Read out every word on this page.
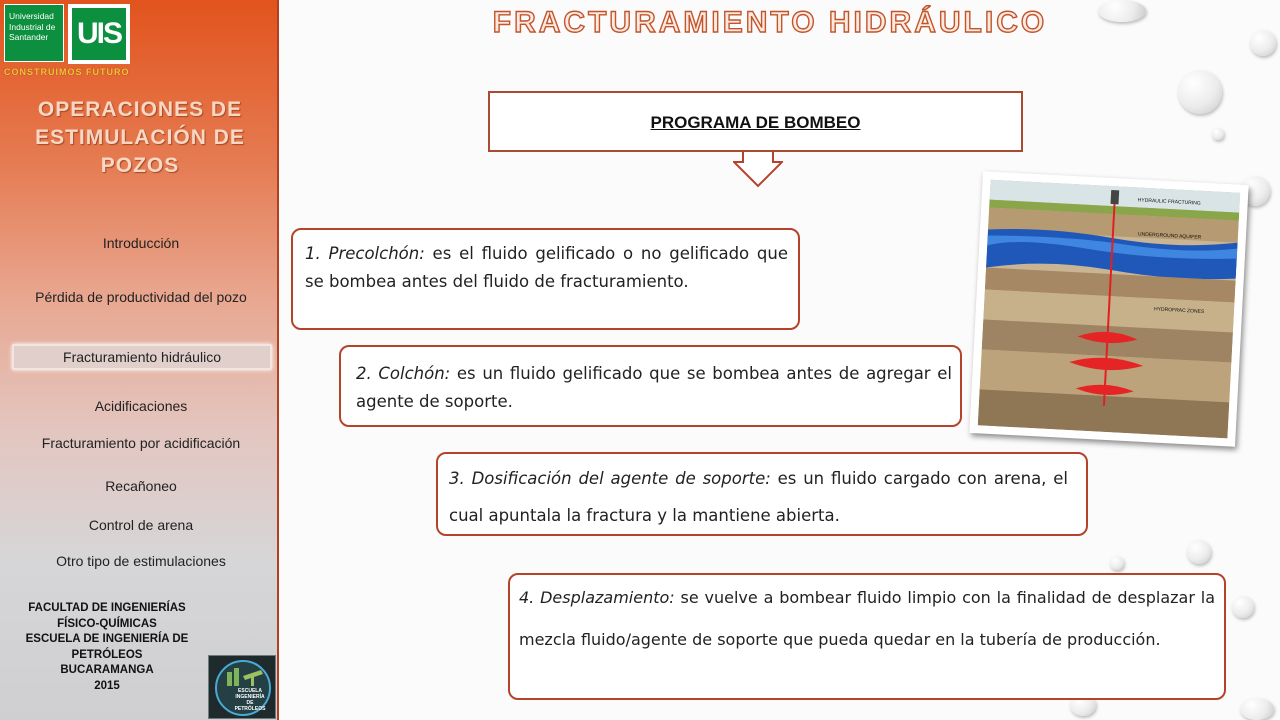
Universidad
Industrial de
Santander UIS
CONSTRUIMOS FUTURO
OPERACIONES DE
ESTIMULACIÓN DE
POZOS
Introducción
Pérdida de productividad del pozo
Fracturamiento hidráulico
Acidificaciones
Fracturamiento por acidificación
Recañoneo
Control de arena
Otro tipo de estimulaciones
FACULTAD DE INGENIERÍAS
FÍSICO-QUÍMICAS
ESCUELA DE INGENIERÍA DE
PETRÓLEOS
BUCARAMANGA
2015	ESCUELA
INGENIERÍA
DE
PETRÓLEOS
FRACTURAMIENTO HIDRÁULICO
PROGRAMA DE BOMBEO
1. Precolchón: es el fluido gelificado o no gelificado que se bombea antes del fluido de fracturamiento.
2. Colchón: es un fluido gelificado que se bombea antes de agregar el agente de soporte.
3. Dosificación del agente de soporte: es un fluido cargado con arena, el cual apuntala la fractura y la mantiene abierta.
4. Desplazamiento: se vuelve a bombear fluido limpio con la finalidad de desplazar la mezcla fluido/agente de soporte que pueda quedar en la tubería de producción.
HYDRAULIC FRACTURING
UNDERGROUND AQUIFER
HYDROFRAC ZONES
